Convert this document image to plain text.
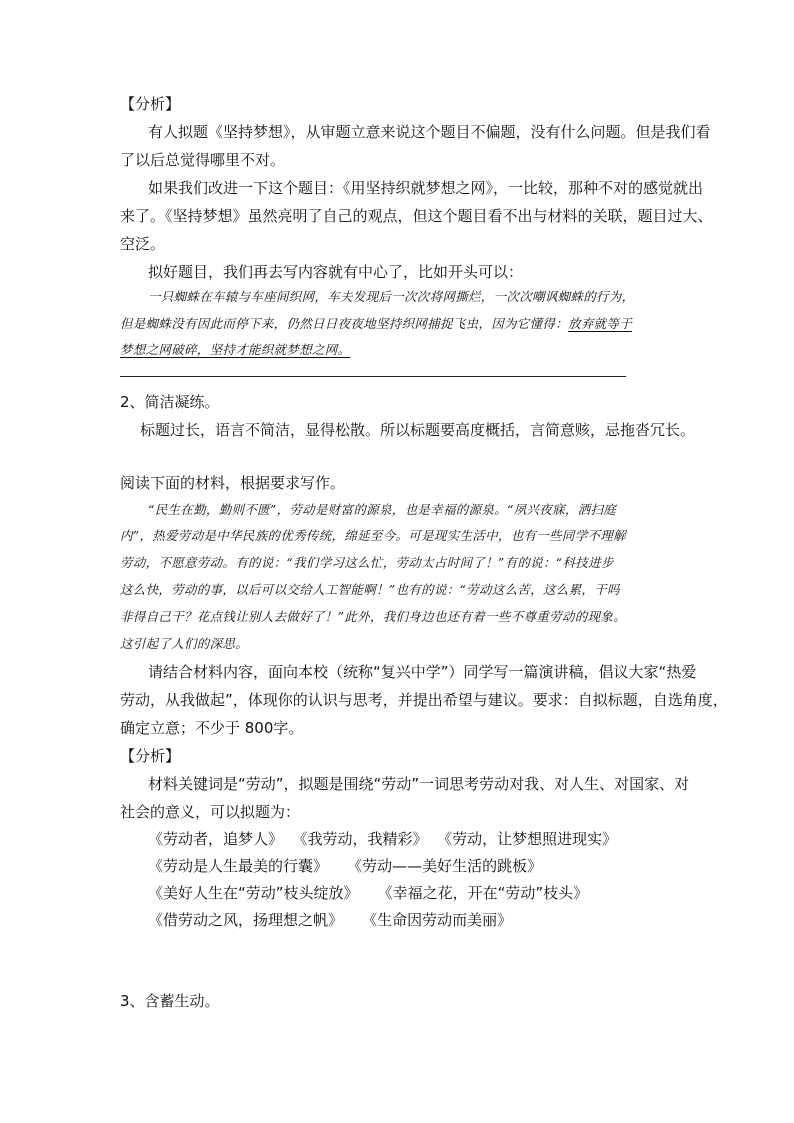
【分析】
有人拟题《坚持梦想》，从审题立意来说这个题目不偏题，没有什么问题。但是我们看
了以后总觉得哪里不对。
如果我们改进一下这个题目：《用坚持织就梦想之网》，一比较，那种不对的感觉就出
来了。《坚持梦想》虽然亮明了自己的观点，但这个题目看不出与材料的关联，题目过大、
空泛。
拟好题目，我们再去写内容就有中心了，比如开头可以：
一只蜘蛛在车辕与车座间织网，车夫发现后一次次将网撕烂，一次次嘲讽蜘蛛的行为，
但是蜘蛛没有因此而停下来，仍然日日夜夜地坚持织网捕捉飞虫，因为它懂得：放弃就等于
梦想之网破碎，坚持才能织就梦想之网。
2、简洁凝练。
标题过长，语言不简洁，显得松散。所以标题要高度概括，言简意赅，忌拖沓冗长。
阅读下面的材料，根据要求写作。
“民生在勤，勤则不匮”，劳动是财富的源泉，也是幸福的源泉。“夙兴夜寐，洒扫庭
内”，热爱劳动是中华民族的优秀传统，绵延至今。可是现实生活中，也有一些同学不理解
劳动，不愿意劳动。有的说：“我们学习这么忙，劳动太占时间了！”有的说：“科技进步
这么快，劳动的事，以后可以交给人工智能啊！”也有的说：“劳动这么苦，这么累，干吗
非得自己干？花点钱让别人去做好了！”此外，我们身边也还有着一些不尊重劳动的现象。
这引起了人们的深思。
请结合材料内容，面向本校（统称“复兴中学”）同学写一篇演讲稿，倡议大家“热爱
劳动，从我做起”，体现你的认识与思考，并提出希望与建议。要求：自拟标题，自选角度，
确定立意；不少于 800字。
【分析】
材料关键词是“劳动”，拟题是围绕“劳动”一词思考劳动对我、对人生、对国家、对
社会的意义，可以拟题为：
《劳动者，追梦人》  《我劳动，我精彩》  《劳动，让梦想照进现实》
《劳动是人生最美的行囊》    《劳动——美好生活的跳板》
《美好人生在“劳动”枝头绽放》    《幸福之花，开在“劳动”枝头》
《借劳动之风，扬理想之帆》    《生命因劳动而美丽》
3、含蓄生动。
